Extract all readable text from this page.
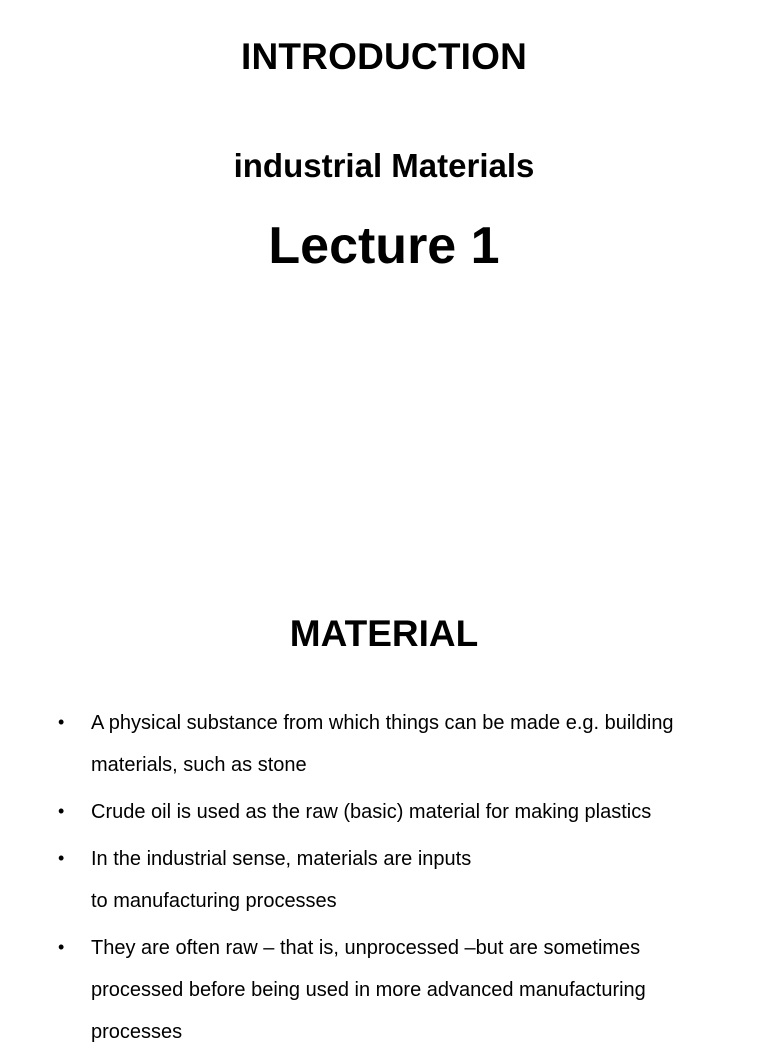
INTRODUCTION
industrial Materials
Lecture 1
MATERIAL
• A physical substance from which things can be made e.g. building
materials, such as stone
• Crude oil is used as the raw (basic) material for making plastics
• In the industrial sense, materials are inputs
to manufacturing processes
• They are often raw – that is, unprocessed –but are sometimes
processed before being used in more advanced manufacturing
processes
